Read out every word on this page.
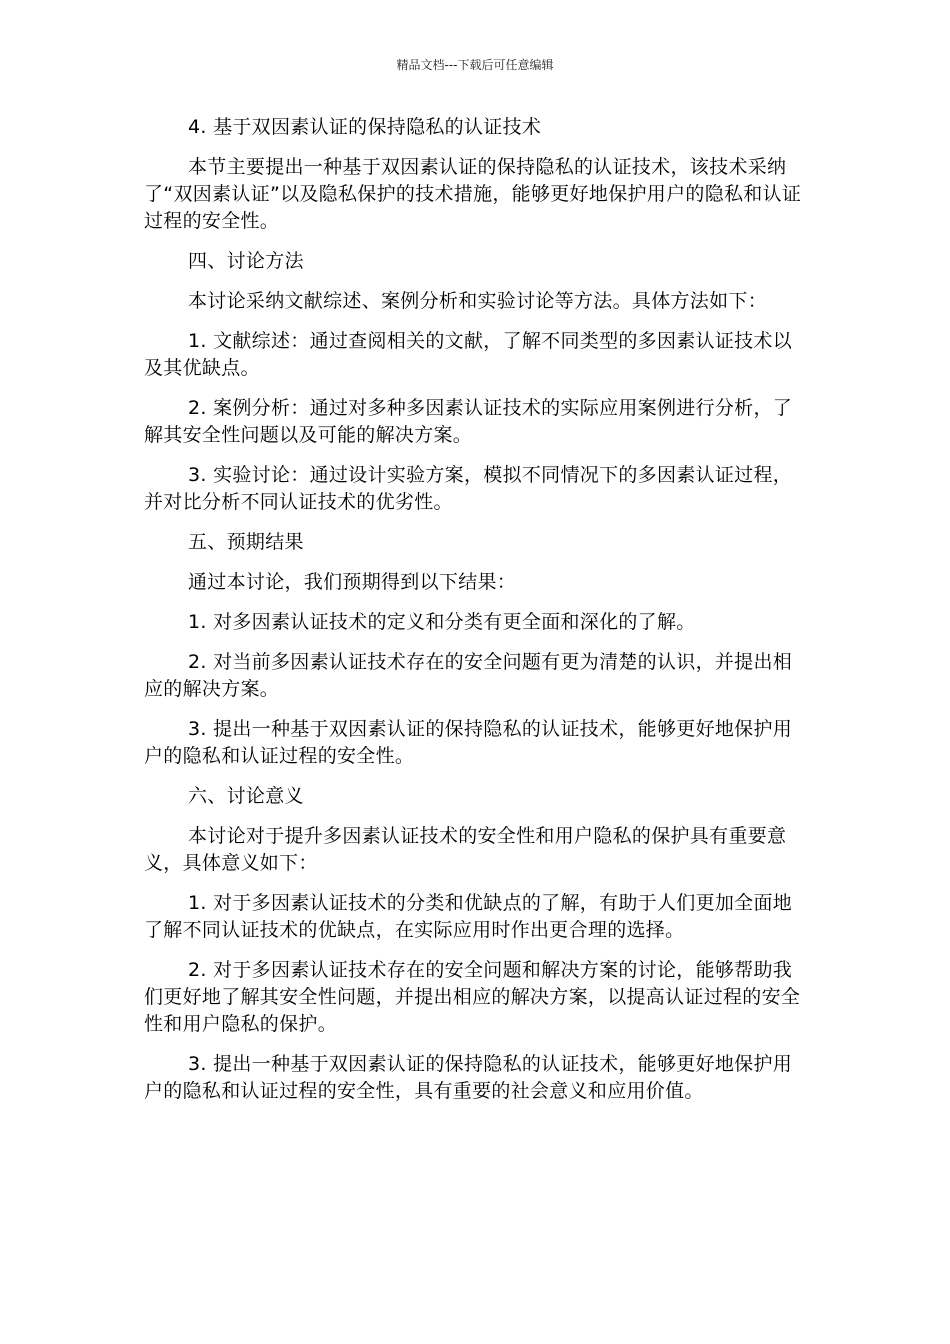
精品文档---下载后可任意编辑

4. 基于双因素认证的保持隐私的认证技术

本节主要提出一种基于双因素认证的保持隐私的认证技术，该技术采纳了“双因素认证”以及隐私保护的技术措施，能够更好地保护用户的隐私和认证过程的安全性。

四、讨论方法

本讨论采纳文献综述、案例分析和实验讨论等方法。具体方法如下：

1. 文献综述：通过查阅相关的文献，了解不同类型的多因素认证技术以及其优缺点。

2. 案例分析：通过对多种多因素认证技术的实际应用案例进行分析，了解其安全性问题以及可能的解决方案。

3. 实验讨论：通过设计实验方案，模拟不同情况下的多因素认证过程，并对比分析不同认证技术的优劣性。

五、预期结果

通过本讨论，我们预期得到以下结果：

1. 对多因素认证技术的定义和分类有更全面和深化的了解。

2. 对当前多因素认证技术存在的安全问题有更为清楚的认识，并提出相应的解决方案。

3. 提出一种基于双因素认证的保持隐私的认证技术，能够更好地保护用户的隐私和认证过程的安全性。

六、讨论意义

本讨论对于提升多因素认证技术的安全性和用户隐私的保护具有重要意义，具体意义如下：

1. 对于多因素认证技术的分类和优缺点的了解，有助于人们更加全面地了解不同认证技术的优缺点，在实际应用时作出更合理的选择。

2. 对于多因素认证技术存在的安全问题和解决方案的讨论，能够帮助我们更好地了解其安全性问题，并提出相应的解决方案，以提高认证过程的安全性和用户隐私的保护。

3. 提出一种基于双因素认证的保持隐私的认证技术，能够更好地保护用户的隐私和认证过程的安全性，具有重要的社会意义和应用价值。
